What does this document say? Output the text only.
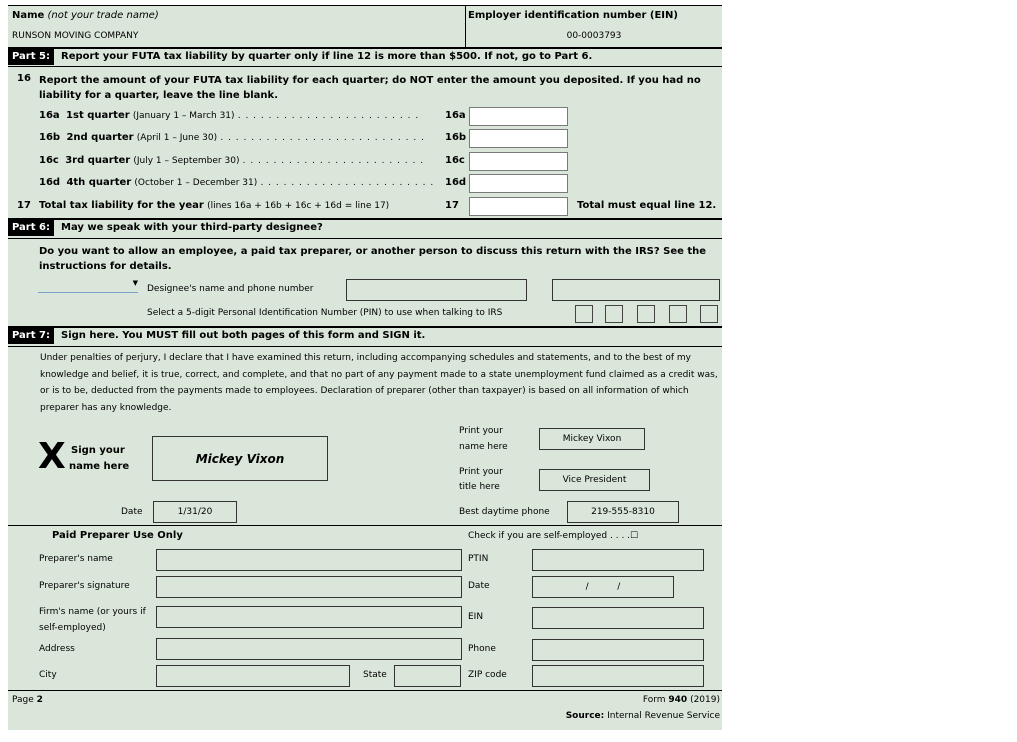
Name (not your trade name)
RUNSON MOVING COMPANY
Employer identification number (EIN)
00-0003793
Part 5:	Report your FUTA tax liability by quarter only if line 12 is more than $500. If not, go to Part 6.
16 Report the amount of your FUTA tax liability for each quarter; do NOT enter the amount you deposited. If you had no liability for a quarter, leave the line blank.
16a 1st quarter (January 1 – March 31) . . . . . . . . . . . . . . . . . . . . . . . .	16a
16b 2nd quarter (April 1 – June 30) . . . . . . . . . . . . . . . . . . . . . . . . . . . 16b
16c 3rd quarter (July 1 – September 30) . . . . . . . . . . . . . . . . . . . . . . . . 16c
16d 4th quarter (October 1 – December 31) . . . . . . . . . . . . . . . . . . . . . . . 16d
17 Total tax liability for the year (lines 16a + 16b + 16c + 16d = line 17)	17	Total must equal line 12.
Part 6:	May we speak with your third-party designee?
Do you want to allow an employee, a paid tax preparer, or another person to discuss this return with the IRS? See the instructions for details.
▼
Designee's name and phone number
Select a 5-digit Personal Identification Number (PIN) to use when talking to IRS
Part 7:	Sign here. You MUST fill out both pages of this form and SIGN it.
Under penalties of perjury, I declare that I have examined this return, including accompanying schedules and statements, and to the best of my knowledge and belief, it is true, correct, and complete, and that no part of any payment made to a state unemployment fund claimed as a credit was, or is to be, deducted from the payments made to employees. Declaration of preparer (other than taxpayer) is based on all information of which preparer has any knowledge.
X Sign your
name here
Mickey Vixon
Print your
name here
Mickey Vixon
Print your
title here
Vice President
Date	1/31/20	Best daytime phone	219-555-8310
Paid Preparer Use Only	Check if you are self-employed . . . .☐
Preparer's name	PTIN
Preparer's signature	Date	/          /
Firm's name (or yours if
self-employed)
EIN
Address	Phone
City	State	ZIP code
Page 2	Form 940 (2019)
Source: Internal Revenue Service
